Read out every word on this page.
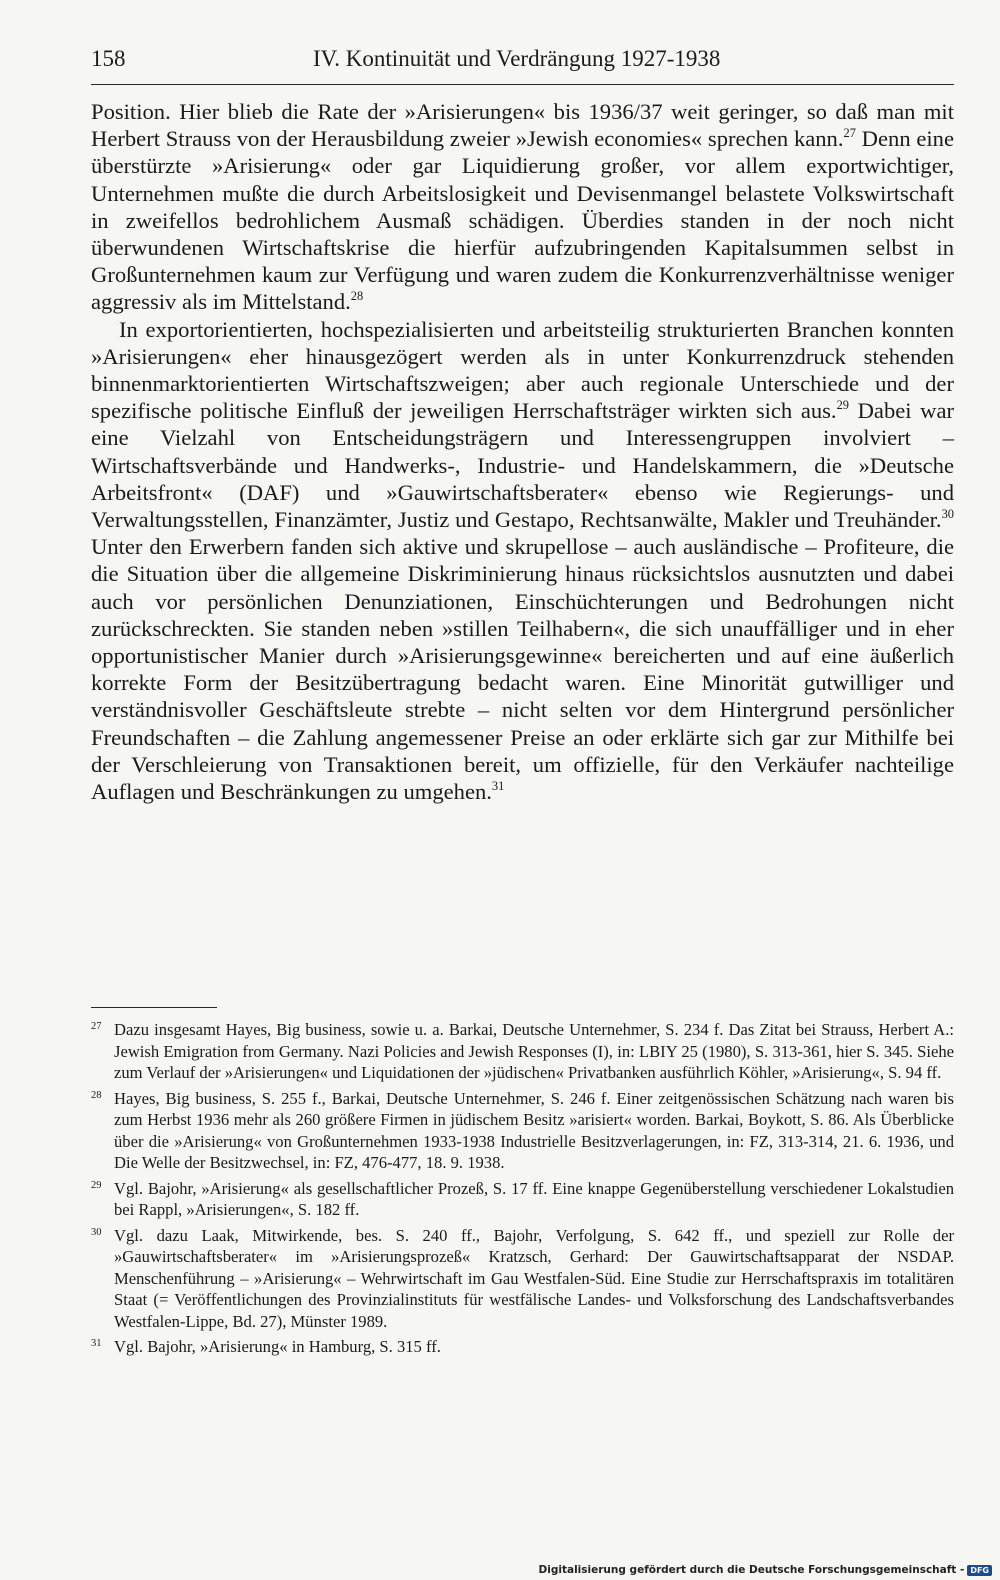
158	IV. Kontinuität und Verdrängung 1927-1938

Position. Hier blieb die Rate der »Arisierungen« bis 1936/37 weit geringer, so daß man mit Herbert Strauss von der Herausbildung zweier »Jewish economies« sprechen kann.$^{27}$ Denn eine überstürzte »Arisierung« oder gar Liquidierung großer, vor allem exportwichtiger, Unternehmen mußte die durch Arbeitslosigkeit und Devisenmangel belastete Volkswirtschaft in zweifellos bedrohlichem Ausmaß schädigen. Überdies standen in der noch nicht überwundenen Wirtschaftskrise die hierfür aufzubringenden Kapitalsummen selbst in Großunternehmen kaum zur Verfügung und waren zudem die Konkurrenzverhältnisse weniger aggressiv als im Mittelstand.$^{28}$

In exportorientierten, hochspezialisierten und arbeitsteilig strukturierten Branchen konnten »Arisierungen« eher hinausgezögert werden als in unter Konkurrenzdruck stehenden binnenmarktorientierten Wirtschaftszweigen; aber auch regionale Unterschiede und der spezifische politische Einfluß der jeweiligen Herrschaftsträger wirkten sich aus.$^{29}$ Dabei war eine Vielzahl von Entscheidungsträgern und Interessengruppen involviert – Wirtschaftsverbände und Handwerks-, Industrie- und Handelskammern, die »Deutsche Arbeitsfront« (DAF) und »Gauwirtschaftsberater« ebenso wie Regierungs- und Verwaltungsstellen, Finanzämter, Justiz und Gestapo, Rechtsanwälte, Makler und Treuhänder.$^{30}$ Unter den Erwerbern fanden sich aktive und skrupellose – auch ausländische – Profiteure, die die Situation über die allgemeine Diskriminierung hinaus rücksichtslos ausnutzten und dabei auch vor persönlichen Denunziationen, Einschüchterungen und Bedrohungen nicht zurückschreckten. Sie standen neben »stillen Teilhabern«, die sich unauffälliger und in eher opportunistischer Manier durch »Arisierungsgewinne« bereicherten und auf eine äußerlich korrekte Form der Besitzübertragung bedacht waren. Eine Minorität gutwilliger und verständnisvoller Geschäftsleute strebte – nicht selten vor dem Hintergrund persönlicher Freundschaften – die Zahlung angemessener Preise an oder erklärte sich gar zur Mithilfe bei der Verschleierung von Transaktionen bereit, um offizielle, für den Verkäufer nachteilige Auflagen und Beschränkungen zu umgehen.$^{31}$

27 Dazu insgesamt Hayes, Big business, sowie u. a. Barkai, Deutsche Unternehmer, S. 234 f. Das Zitat bei Strauss, Herbert A.: Jewish Emigration from Germany. Nazi Policies and Jewish Responses (I), in: LBIY 25 (1980), S. 313-361, hier S. 345. Siehe zum Verlauf der »Arisierungen« und Liquidationen der »jüdischen« Privatbanken ausführlich Köhler, »Arisierung«, S. 94 ff.
28 Hayes, Big business, S. 255 f., Barkai, Deutsche Unternehmer, S. 246 f. Einer zeitgenössischen Schätzung nach waren bis zum Herbst 1936 mehr als 260 größere Firmen in jüdischem Besitz »arisiert« worden. Barkai, Boykott, S. 86. Als Überblicke über die »Arisierung« von Großunternehmen 1933-1938 Industrielle Besitzverlagerungen, in: FZ, 313-314, 21. 6. 1936, und Die Welle der Besitzwechsel, in: FZ, 476-477, 18. 9. 1938.
29 Vgl. Bajohr, »Arisierung« als gesellschaftlicher Prozeß, S. 17 ff. Eine knappe Gegenüberstellung verschiedener Lokalstudien bei Rappl, »Arisierungen«, S. 182 ff.
30 Vgl. dazu Laak, Mitwirkende, bes. S. 240 ff., Bajohr, Verfolgung, S. 642 ff., und speziell zur Rolle der »Gauwirtschaftsberater« im »Arisierungsprozeß« Kratzsch, Gerhard: Der Gauwirtschaftsapparat der NSDAP. Menschenführung – »Arisierung« – Wehrwirtschaft im Gau Westfalen-Süd. Eine Studie zur Herrschaftspraxis im totalitären Staat (= Veröffentlichungen des Provinzialinstituts für westfälische Landes- und Volksforschung des Landschaftsverbandes Westfalen-Lippe, Bd. 27), Münster 1989.
31 Vgl. Bajohr, »Arisierung« in Hamburg, S. 315 ff.
Digitalisierung gefördert durch die Deutsche Forschungsgemeinschaft - DFG
